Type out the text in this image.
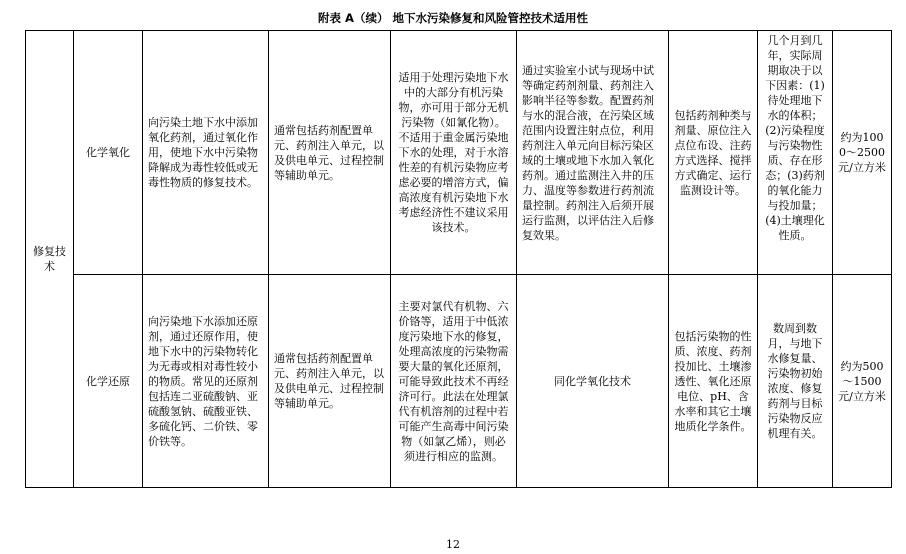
附表 A（续） 地下水污染修复和风险管控技术适用性
修复技术	化学氧化	向污染土地下水中添加氧化药剂，通过氧化作用，使地下水中污染物降解成为毒性较低或无毒性物质的修复技术。	通常包括药剂配置单元、药剂注入单元，以及供电单元、过程控制等辅助单元。	适用于处理污染地下水中的大部分有机污染物，亦可用于部分无机污染物（如氰化物）。不适用于重金属污染地下水的处理，对于水溶性差的有机污染物应考虑必要的增溶方式，偏高浓度有机污染地下水考虑经济性不建议采用该技术。	通过实验室小试与现场中试等确定药剂剂量、药剂注入影响半径等参数。配置药剂与水的混合液，在污染区域范围内设置注射点位，利用药剂注入单元向目标污染区域的土壤或地下水加入氧化药剂。通过监测注入井的压力、温度等参数进行药剂流量控制。药剂注入后须开展运行监测，以评估注入后修复效果。	包括药剂种类与剂量、原位注入点位布设、注药方式选择、搅拌方式确定、运行监测设计等。	几个月到几年，实际周期取决于以下因素：(1)待处理地下水的体积；(2)污染程度与污染物性质、存在形态；(3)药剂的氧化能力与投加量；(4)土壤理化性质。	约为1000～2500元/立方米
	化学还原	向污染地下水添加还原剂，通过还原作用，使地下水中的污染物转化为无毒或相对毒性较小的物质。常见的还原剂包括连二亚硫酸钠、亚硫酸氢钠、硫酸亚铁、多硫化钙、二价铁、零价铁等。	通常包括药剂配置单元、药剂注入单元，以及供电单元、过程控制等辅助单元。	主要对氯代有机物、六价铬等，适用于中低浓度污染地下水的修复，处理高浓度的污染物需要大量的氧化还原剂，可能导致此技术不再经济可行。此法在处理氯代有机溶剂的过程中若可能产生高毒中间污染物（如氯乙烯），则必须进行相应的监测。	同化学氧化技术	包括污染物的性质、浓度、药剂投加比、土壤渗透性、氧化还原电位、pH、含水率和其它土壤地质化学条件。	数周到数月，与地下水修复量、污染物初始浓度、修复药剂与目标污染物反应机理有关。	约为500～1500元/立方米
12
